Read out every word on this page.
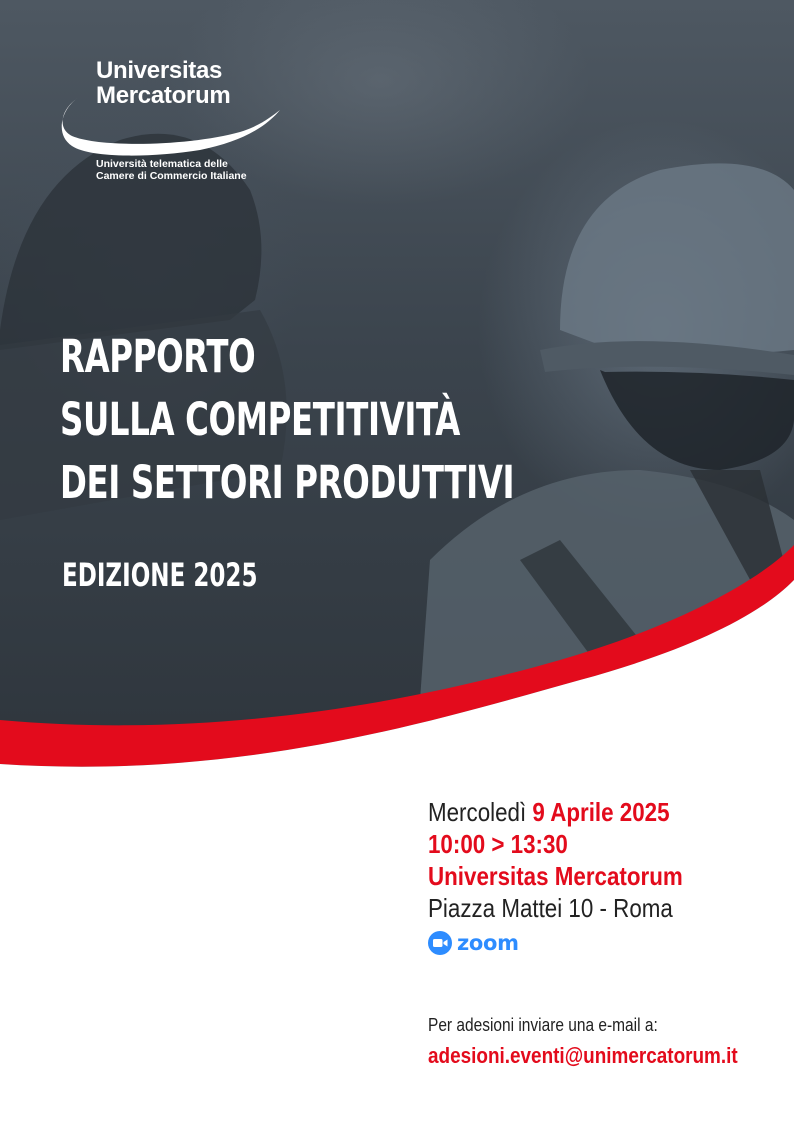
Universitas
Mercatorum
Università telematica delle
Camere di Commercio Italiane
RAPPORTO
SULLA COMPETITIVITÀ
DEI SETTORI PRODUTTIVI
EDIZIONE 2025
Mercoledì 9 Aprile 2025
10:00 > 13:30
Universitas Mercatorum
Piazza Mattei 10 - Roma
zoom
Per adesioni inviare una e-mail a:
adesioni.eventi@unimercatorum.it
